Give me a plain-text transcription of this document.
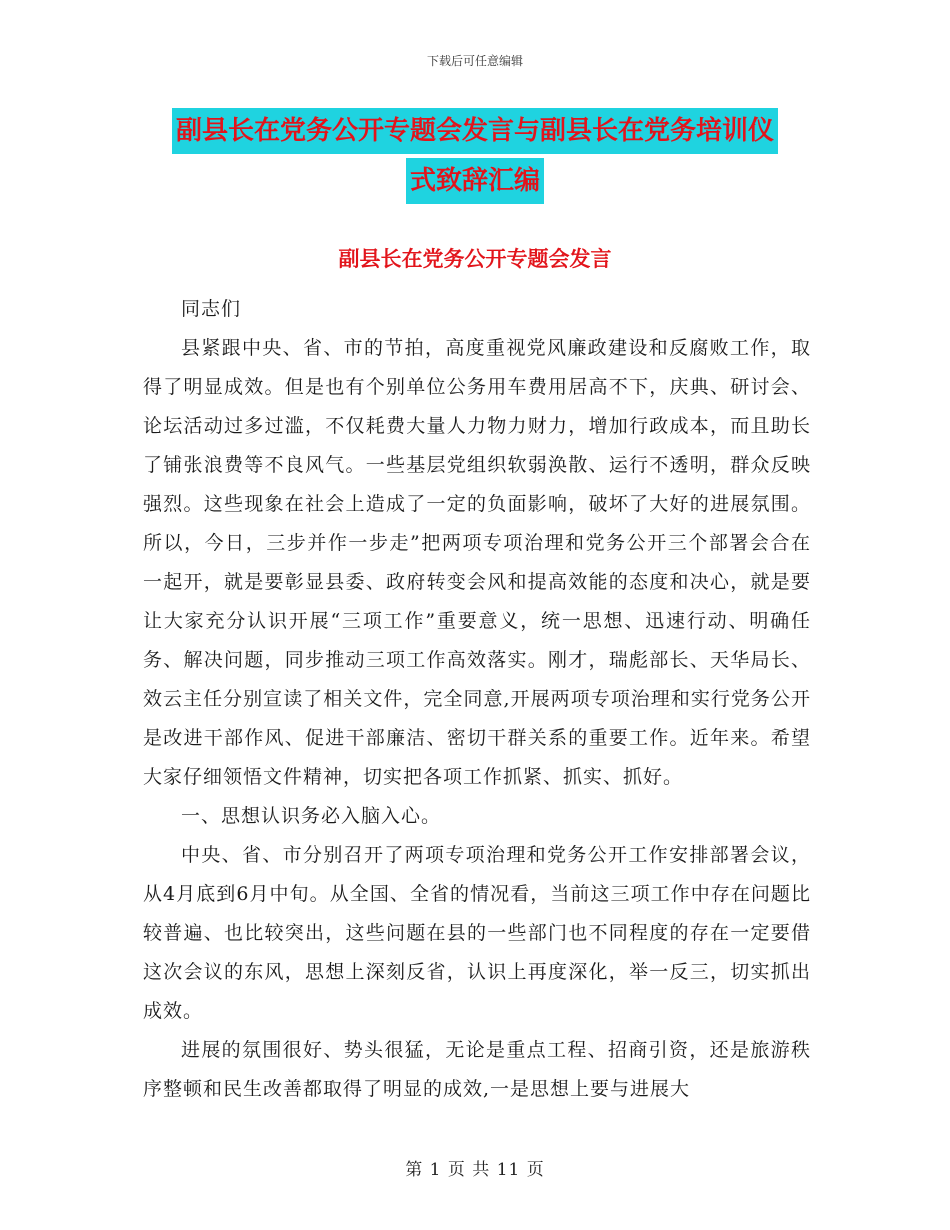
下载后可任意编辑
副县长在党务公开专题会发言与副县长在党务培训仪
式致辞汇编
副县长在党务公开专题会发言

同志们

县紧跟中央、省、市的节拍，高度重视党风廉政建设和反腐败工作，取得了明显成效。但是也有个别单位公务用车费用居高不下，庆典、研讨会、论坛活动过多过滥，不仅耗费大量人力物力财力，增加行政成本，而且助长了铺张浪费等不良风气。一些基层党组织软弱涣散、运行不透明，群众反映强烈。这些现象在社会上造成了一定的负面影响，破坏了大好的进展氛围。所以，今日，三步并作一步走”把两项专项治理和党务公开三个部署会合在一起开，就是要彰显县委、政府转变会风和提高效能的态度和决心，就是要让大家充分认识开展“三项工作”重要意义，统一思想、迅速行动、明确任务、解决问题，同步推动三项工作高效落实。刚才，瑞彪部长、天华局长、效云主任分别宣读了相关文件，完全同意,开展两项专项治理和实行党务公开是改进干部作风、促进干部廉洁、密切干群关系的重要工作。近年来。希望大家仔细领悟文件精神，切实把各项工作抓紧、抓实、抓好。

一、思想认识务必入脑入心。

中央、省、市分别召开了两项专项治理和党务公开工作安排部署会议，从4月底到6月中旬。从全国、全省的情况看，当前这三项工作中存在问题比较普遍、也比较突出，这些问题在县的一些部门也不同程度的存在一定要借这次会议的东风，思想上深刻反省，认识上再度深化，举一反三，切实抓出成效。

进展的氛围很好、势头很猛，无论是重点工程、招商引资，还是旅游秩序整顿和民生改善都取得了明显的成效,一是思想上要与进展大

第 1 页 共 11 页
